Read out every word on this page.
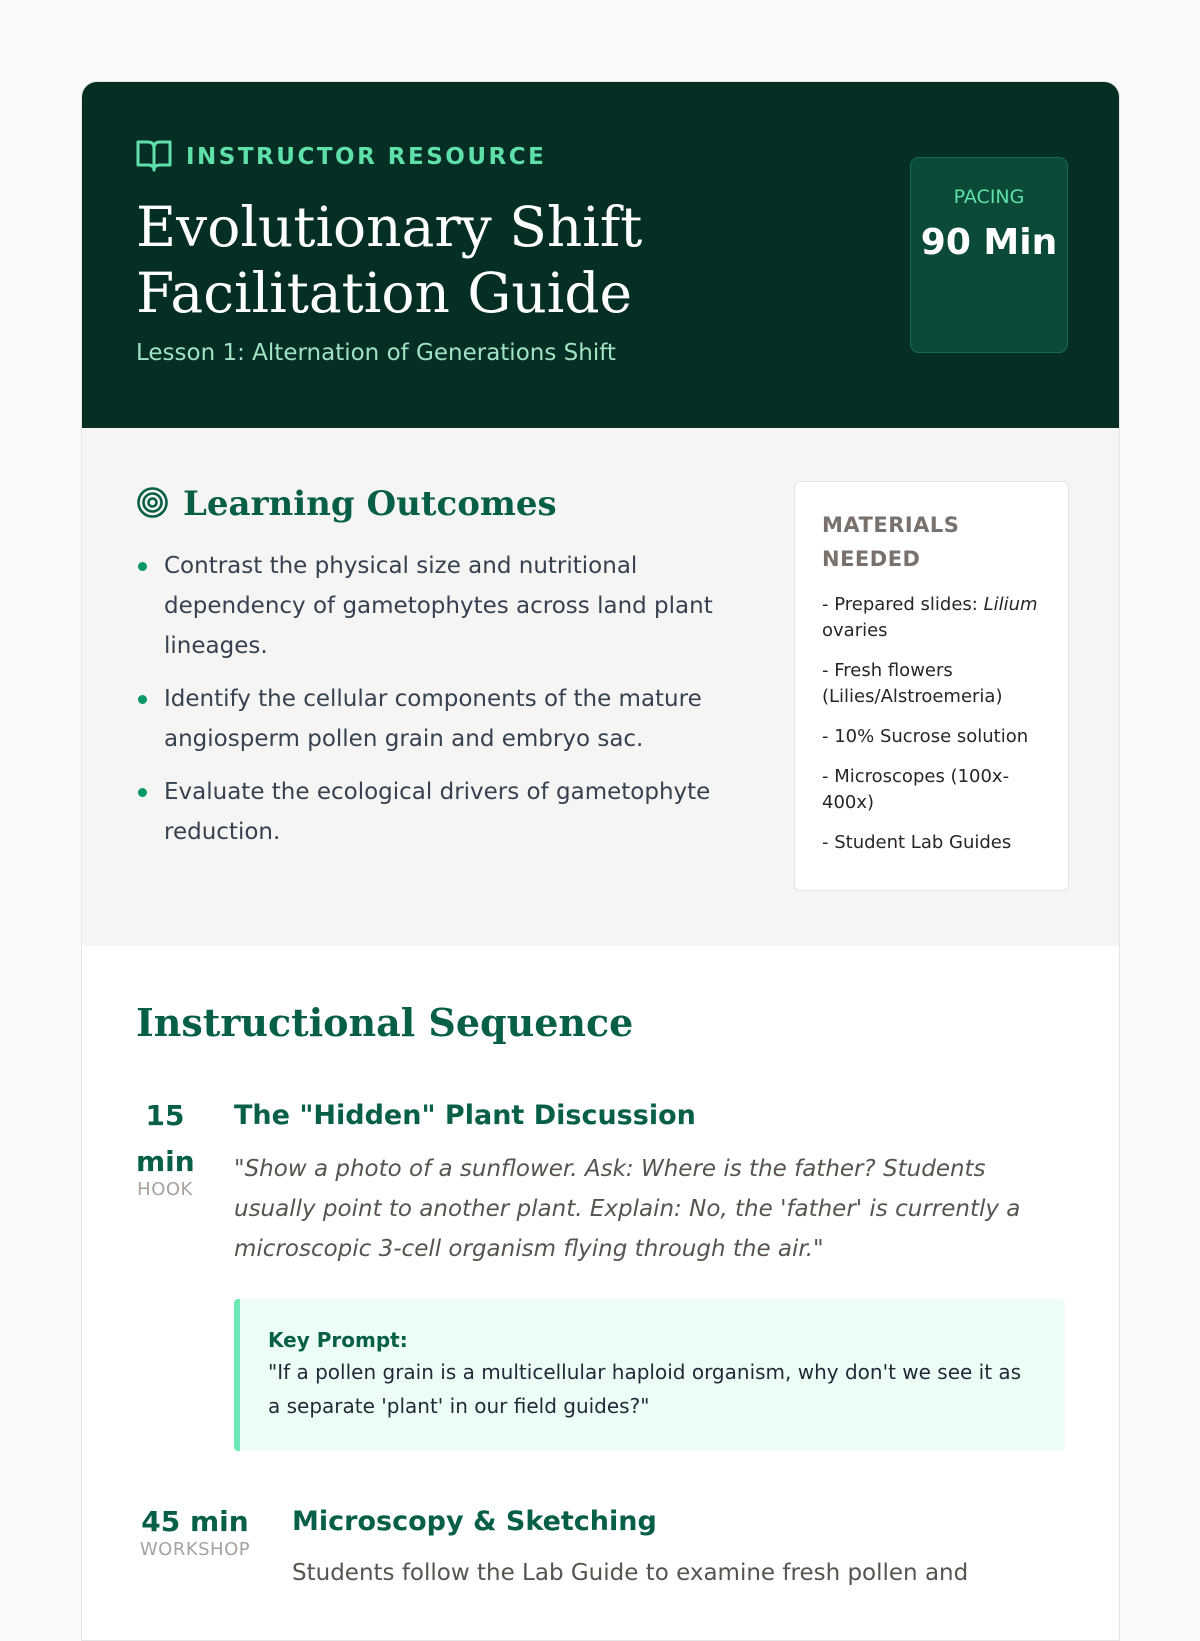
INSTRUCTOR RESOURCE
Evolutionary Shift Facilitation Guide
Lesson 1: Alternation of Generations Shift
PACING
90 Min
Learning Outcomes
Contrast the physical size and nutritional dependency of gametophytes across land plant lineages.
Identify the cellular components of the mature angiosperm pollen grain and embryo sac.
Evaluate the ecological drivers of gametophyte reduction.
MATERIALS NEEDED
- Prepared slides: Lilium ovaries
- Fresh flowers (Lilies/Alstroemeria)
- 10% Sucrose solution
- Microscopes (100x-400x)
- Student Lab Guides
Instructional Sequence
15 min
HOOK
The "Hidden" Plant Discussion
"Show a photo of a sunflower. Ask: Where is the father? Students usually point to another plant. Explain: No, the 'father' is currently a microscopic 3-cell organism flying through the air."
Key Prompt:
"If a pollen grain is a multicellular haploid organism, why don't we see it as a separate 'plant' in our field guides?"
45 min
WORKSHOP
Microscopy & Sketching
Students follow the Lab Guide to examine fresh pollen and
